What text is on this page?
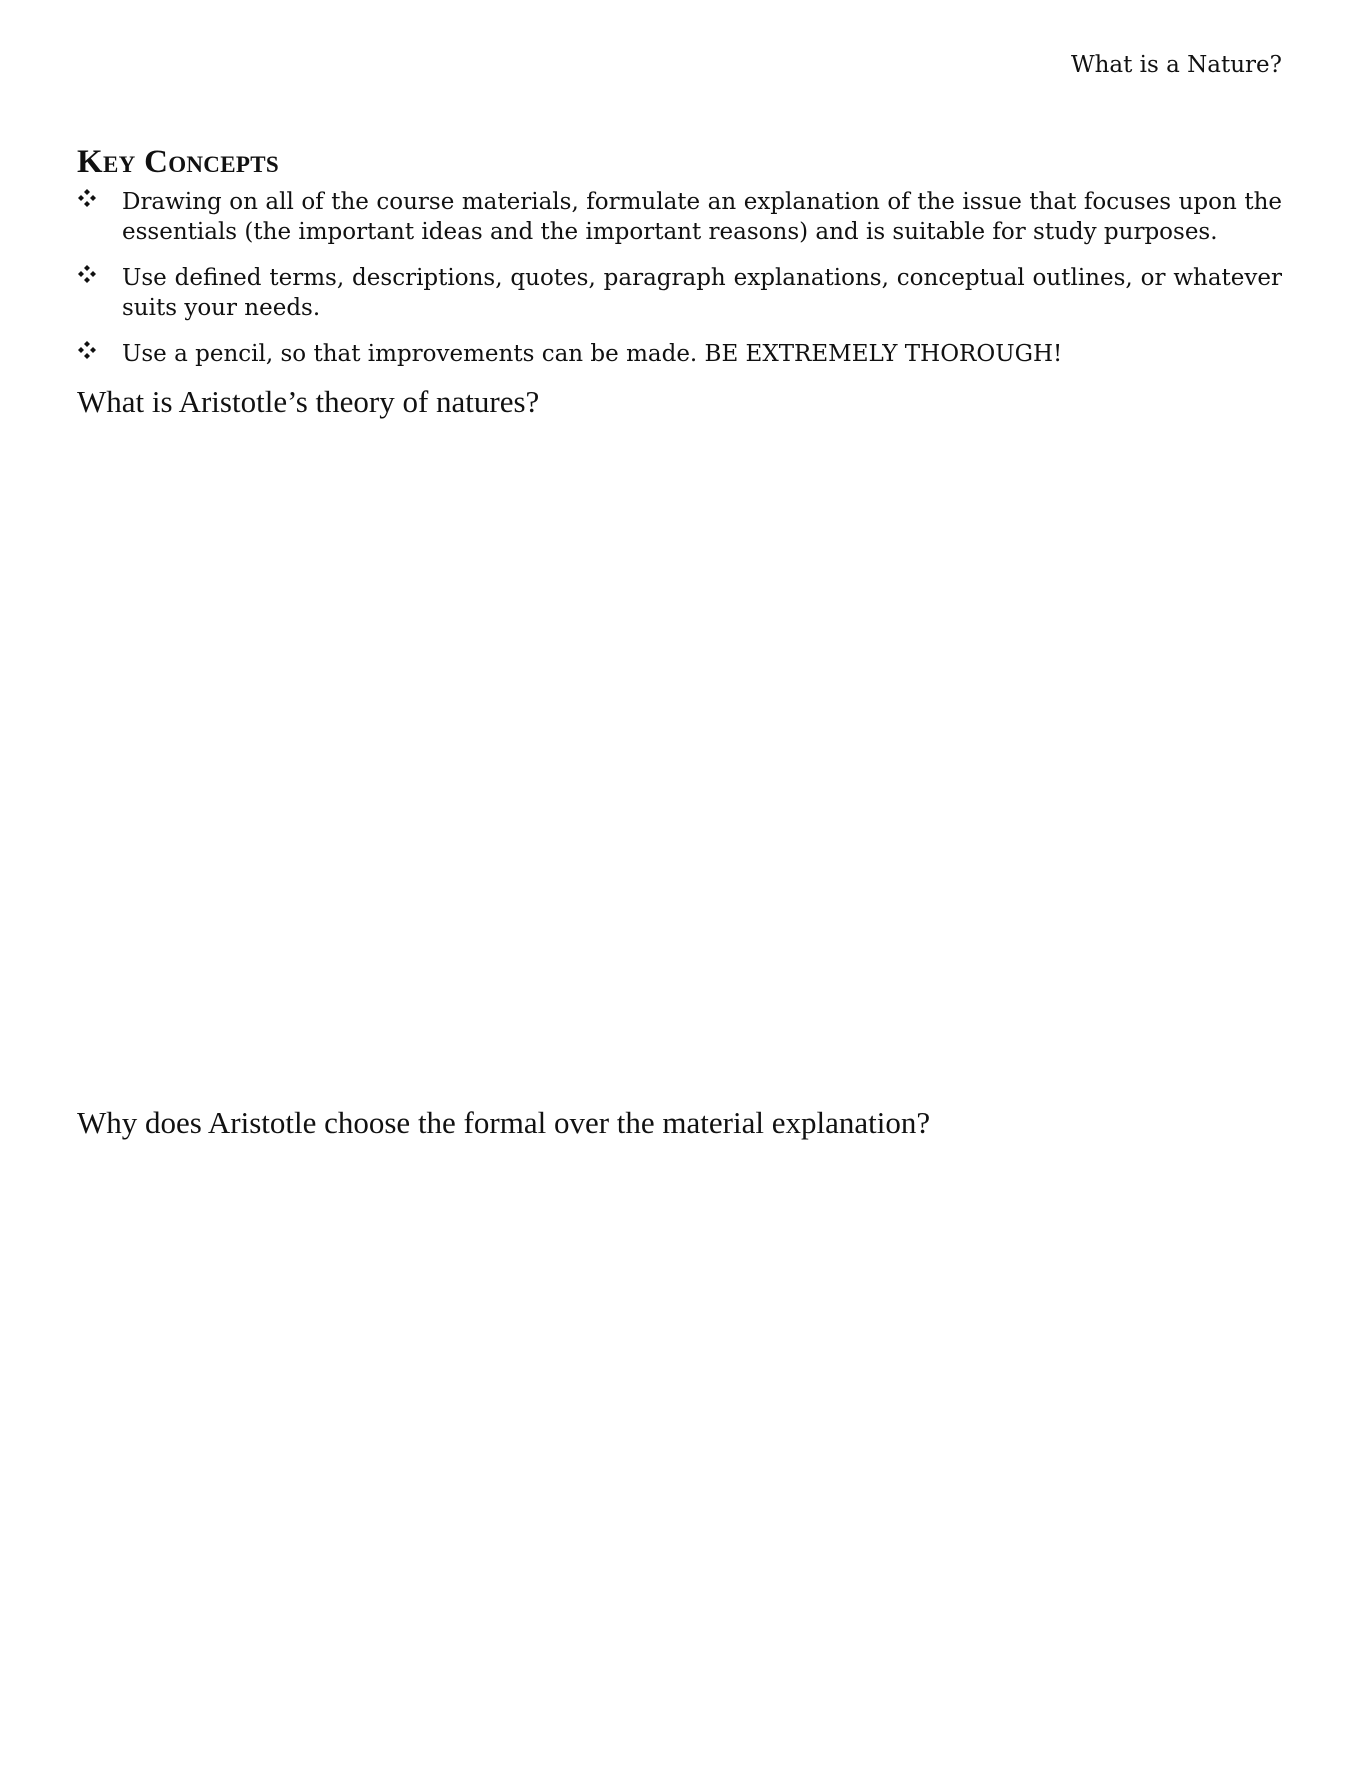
What is a Nature?
Key Concepts
Drawing on all of the course materials, formulate an explanation of the issue that focuses upon the essentials (the important ideas and the important reasons) and is suitable for study purposes.
Use defined terms, descriptions, quotes, paragraph explanations, conceptual outlines, or whatever suits your needs.
Use a pencil, so that improvements can be made. BE EXTREMELY THOROUGH!
What is Aristotle’s theory of natures?
Why does Aristotle choose the formal over the material explanation?
